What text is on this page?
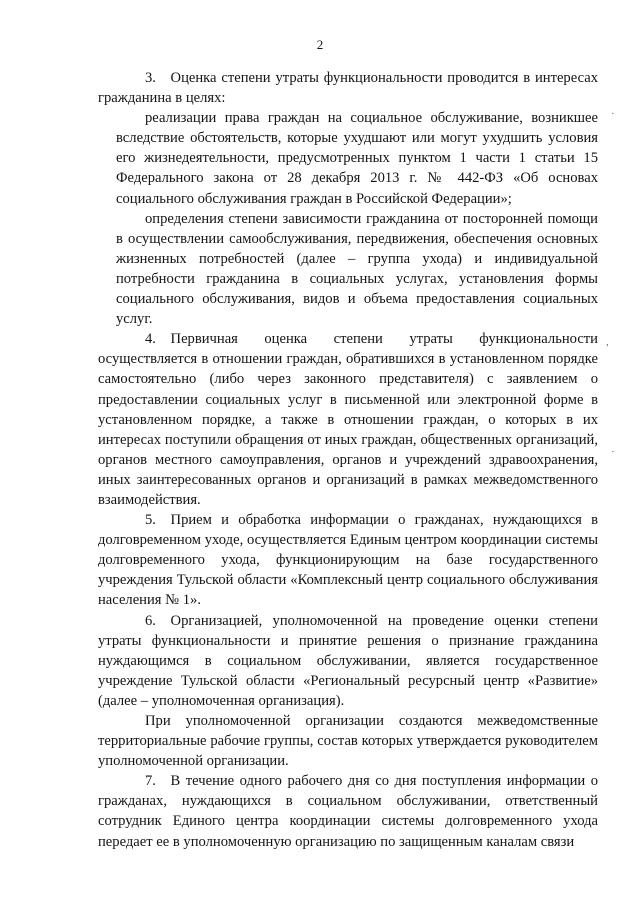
2

3. Оценка степени утраты функциональности проводится в интересах гражданина в целях:

реализации права граждан на социальное обслуживание, возникшее вследствие обстоятельств, которые ухудшают или могут ухудшить условия его жизнедеятельности, предусмотренных пунктом 1 части 1 статьи 15 Федерального закона от 28 декабря 2013 г. № 442-ФЗ «Об основах социального обслуживания граждан в Российской Федерации»;

определения степени зависимости гражданина от посторонней помощи в осуществлении самообслуживания, передвижения, обеспечения основных жизненных потребностей (далее – группа ухода) и индивидуальной потребности гражданина в социальных услугах, установления формы социального обслуживания, видов и объема предоставления социальных услуг.

4. Первичная оценка степени утраты функциональности осуществляется в отношении граждан, обратившихся в установленном порядке самостоятельно (либо через законного представителя) с заявлением о предоставлении социальных услуг в письменной или электронной форме в установленном порядке, а также в отношении граждан, о которых в их интересах поступили обращения от иных граждан, общественных организаций, органов местного самоуправления, органов и учреждений здравоохранения, иных заинтересованных органов и организаций в рамках межведомственного взаимодействия.

5. Прием и обработка информации о гражданах, нуждающихся в долговременном уходе, осуществляется Единым центром координации системы долговременного ухода, функционирующим на базе государственного учреждения Тульской области «Комплексный центр социального обслуживания населения № 1».

6. Организацией, уполномоченной на проведение оценки степени утраты функциональности и принятие решения о признание гражданина нуждающимся в социальном обслуживании, является государственное учреждение Тульской области «Региональный ресурсный центр «Развитие» (далее – уполномоченная организация).

При уполномоченной организации создаются межведомственные территориальные рабочие группы, состав которых утверждается руководителем уполномоченной организации.

7. В течение одного рабочего дня со дня поступления информации о гражданах, нуждающихся в социальном обслуживании, ответственный сотрудник Единого центра координации системы долговременного ухода передает ее в уполномоченную организацию по защищенным каналам связи

·
,
·
